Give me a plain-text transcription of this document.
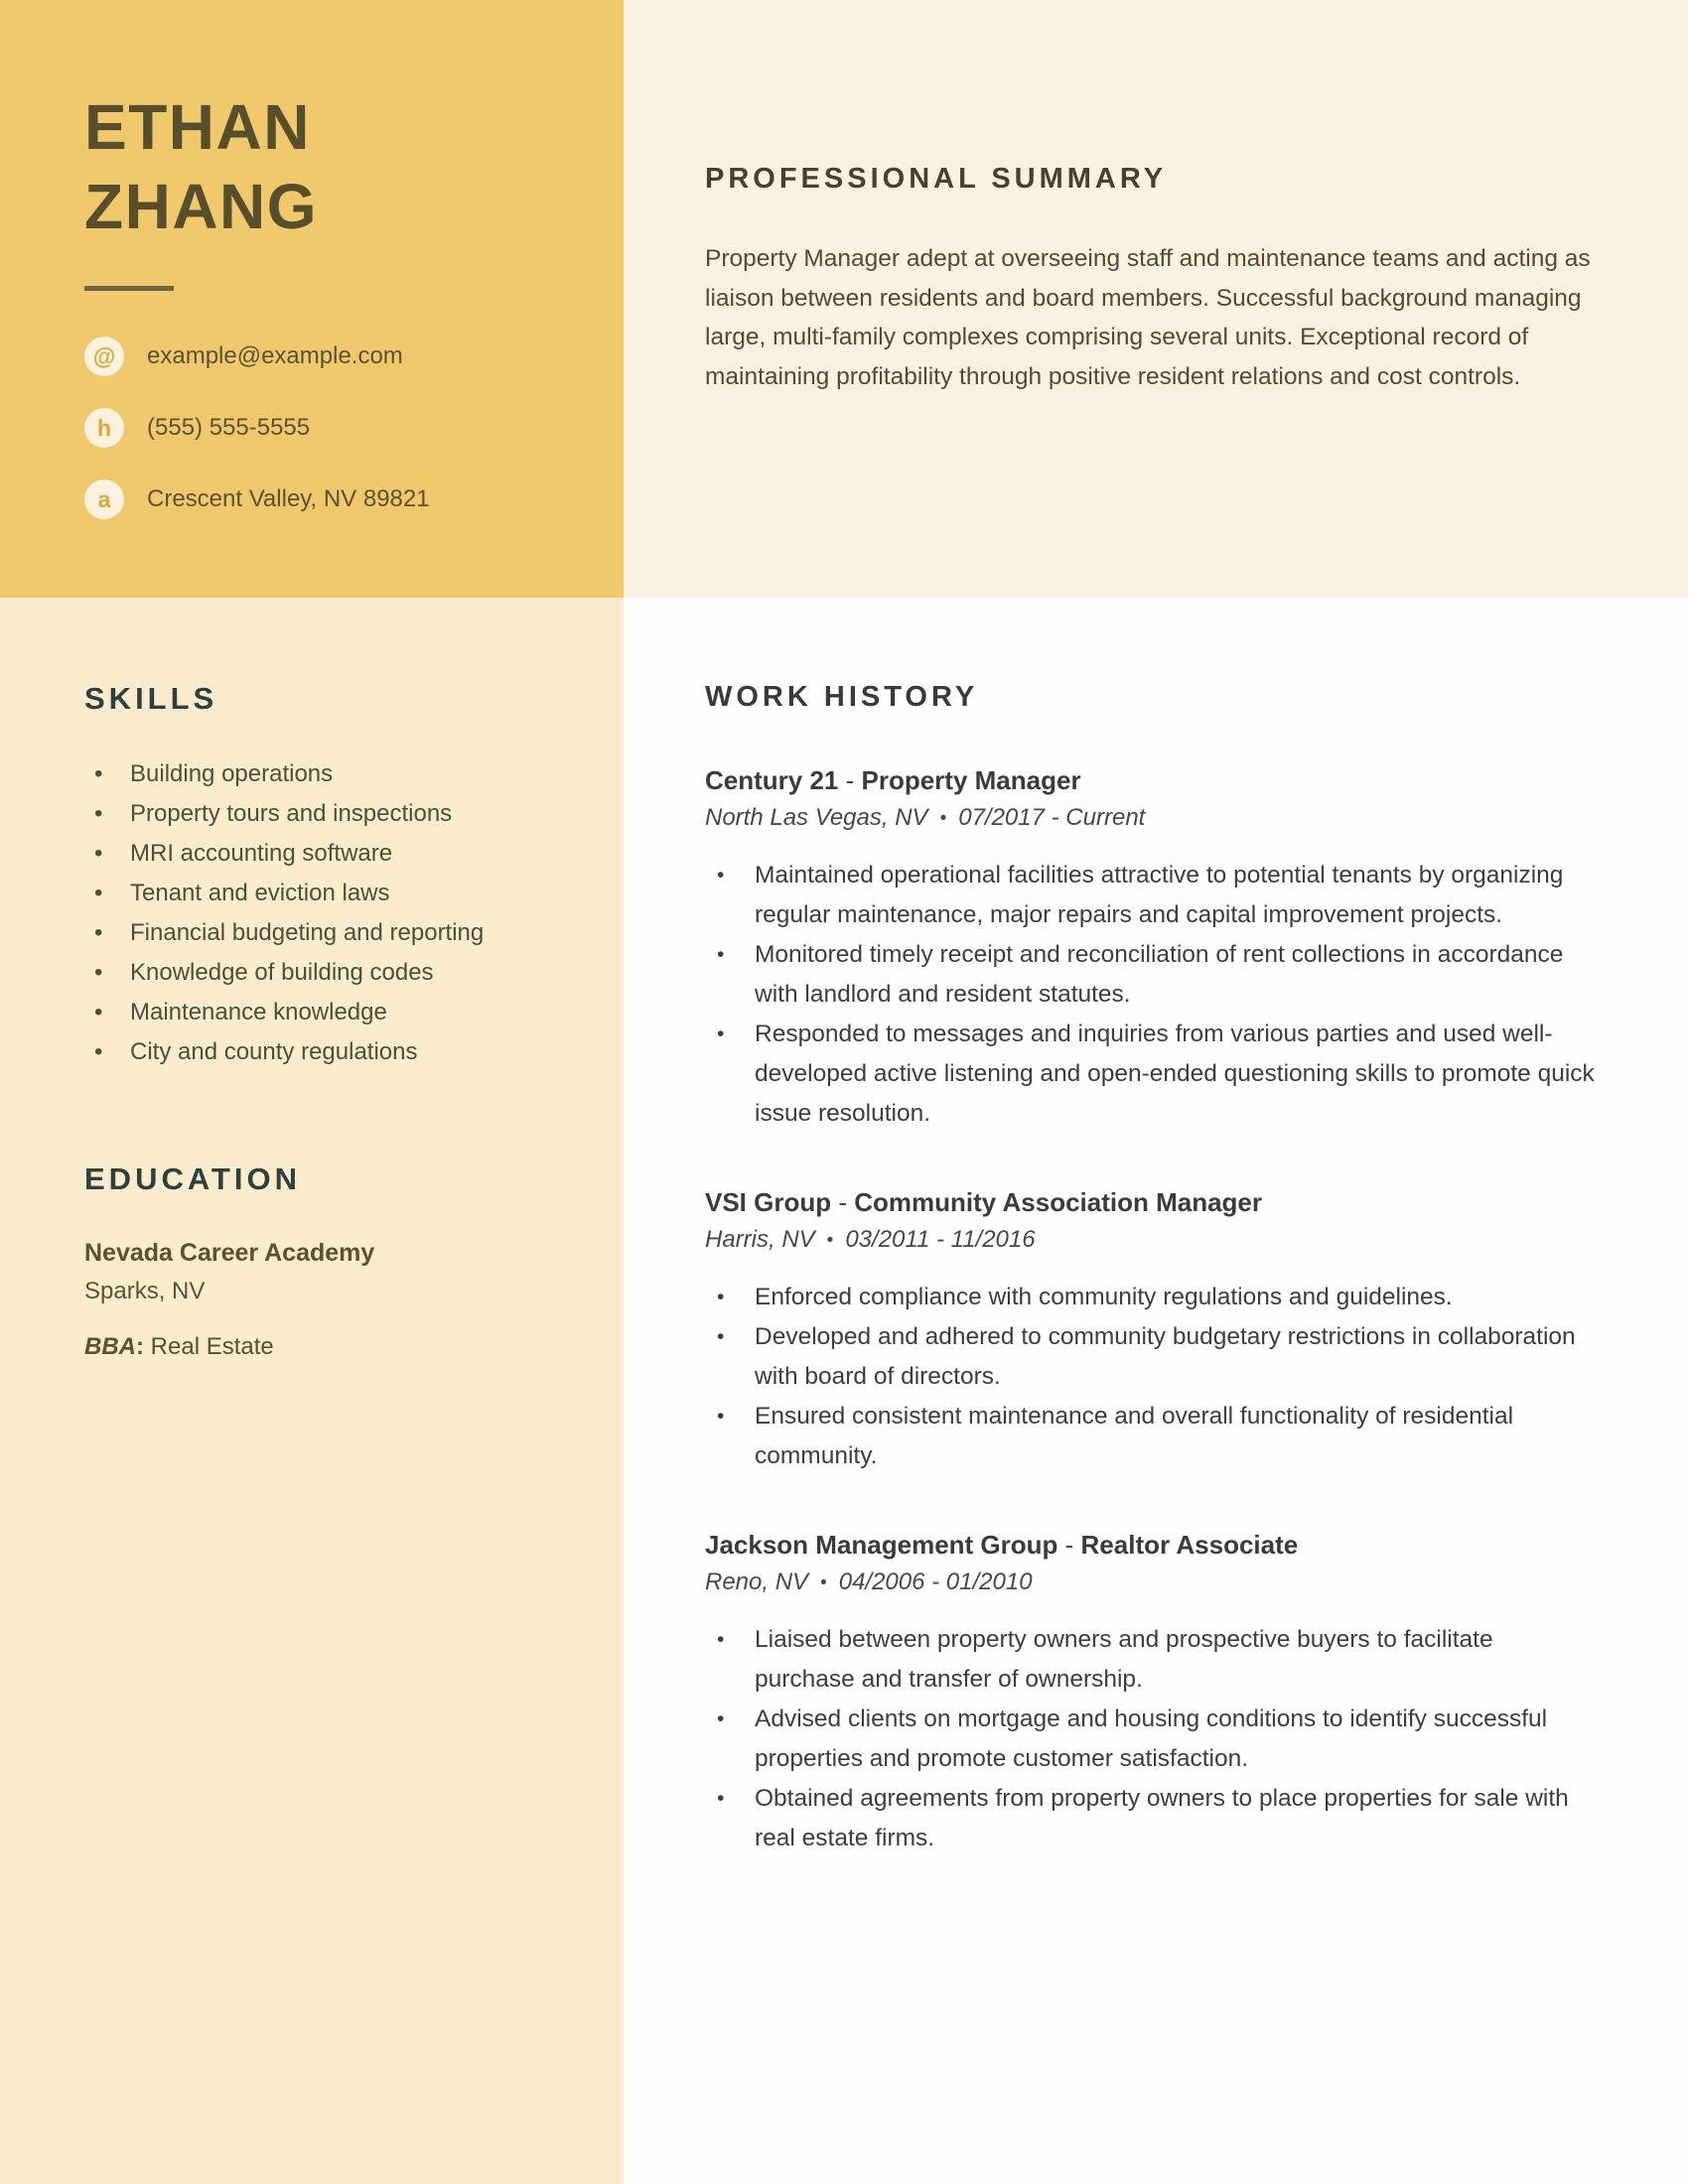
ETHAN
ZHANG
@	example@example.com
h	(555) 555-5555
a	Crescent Valley, NV 89821
SKILLS
• Building operations
• Property tours and inspections
• MRI accounting software
• Tenant and eviction laws
• Financial budgeting and reporting
• Knowledge of building codes
• Maintenance knowledge
• City and county regulations
EDUCATION
Nevada Career Academy
Sparks, NV
BBA: Real Estate
PROFESSIONAL SUMMARY

Property Manager adept at overseeing staff and maintenance teams and acting as liaison between residents and board members. Successful background managing large, multi-family complexes comprising several units. Exceptional record of maintaining profitability through positive resident relations and cost controls.

WORK HISTORY
Century 21 - Property Manager
North Las Vegas, NV • 07/2017 - Current
• Maintained operational facilities attractive to potential tenants by organizing regular maintenance, major repairs and capital improvement projects.
• Monitored timely receipt and reconciliation of rent collections in accordance with landlord and resident statutes.
• Responded to messages and inquiries from various parties and used well-developed active listening and open-ended questioning skills to promote quick issue resolution.
VSI Group - Community Association Manager
Harris, NV • 03/2011 - 11/2016
• Enforced compliance with community regulations and guidelines.
• Developed and adhered to community budgetary restrictions in collaboration with board of directors.
• Ensured consistent maintenance and overall functionality of residential community.
Jackson Management Group - Realtor Associate
Reno, NV • 04/2006 - 01/2010
• Liaised between property owners and prospective buyers to facilitate purchase and transfer of ownership.
• Advised clients on mortgage and housing conditions to identify successful properties and promote customer satisfaction.
• Obtained agreements from property owners to place properties for sale with real estate firms.
